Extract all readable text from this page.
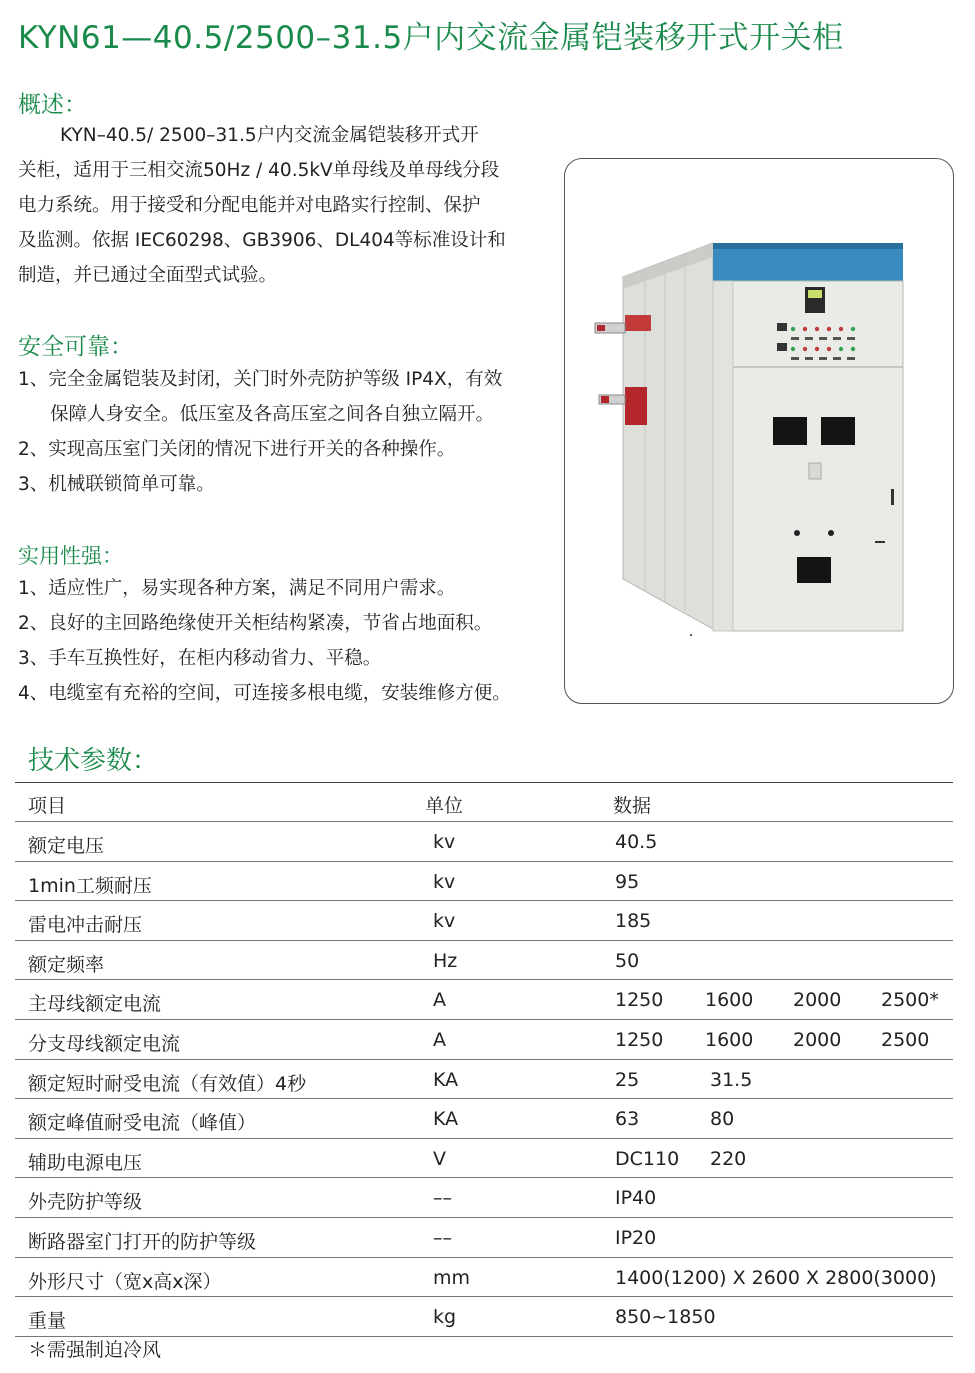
KYN61—40.5/2500–31.5户内交流金属铠装移开式开关柜
概述：

KYN–40.5∕ 2500–31.5户内交流金属铠装移开式开

关柜，适用于三相交流50Hz / 40.5kV单母线及单母线分段

电力系统。用于接受和分配电能并对电路实行控制、保护

及监测。依据 IEC60298、GB3906、DL404等标准设计和

制造，并已通过全面型式试验。

安全可靠：

1、完全金属铠装及封闭，关门时外壳防护等级 IP4X，有效

保障人身安全。低压室及各高压室之间各自独立隔开。

2、实现高压室门关闭的情况下进行开关的各种操作。

3、机械联锁简单可靠。

实用性强：

1、适应性广，易实现各种方案，满足不同用户需求。

2、良好的主回路绝缘使开关柜结构紧凑，节省占地面积。

3、手车互换性好，在柜内移动省力、平稳。

4、电缆室有充裕的空间，可连接多根电缆，安装维修方便。

技术参数：
项目	单位	数据
额定电压	kv	40.5
1min工频耐压	kv	95
雷电冲击耐压	kv	185
额定频率	Hz	50
主母线额定电流	A	1250 1600 2000 2500*
分支母线额定电流	A	1250 1600 2000 2500
额定短时耐受电流（有效值）4秒	KA	25	31.5
额定峰值耐受电流（峰值）	KA	63	80
辅助电源电压	V	DC110 220
外壳防护等级	––	IP40
断路器室门打开的防护等级	––	IP20
外形尺寸（宽x高x深）	mm	1400(1200) X 2600 X 2800(3000)
重量	kg	850~1850
＊需强制迫冷风
